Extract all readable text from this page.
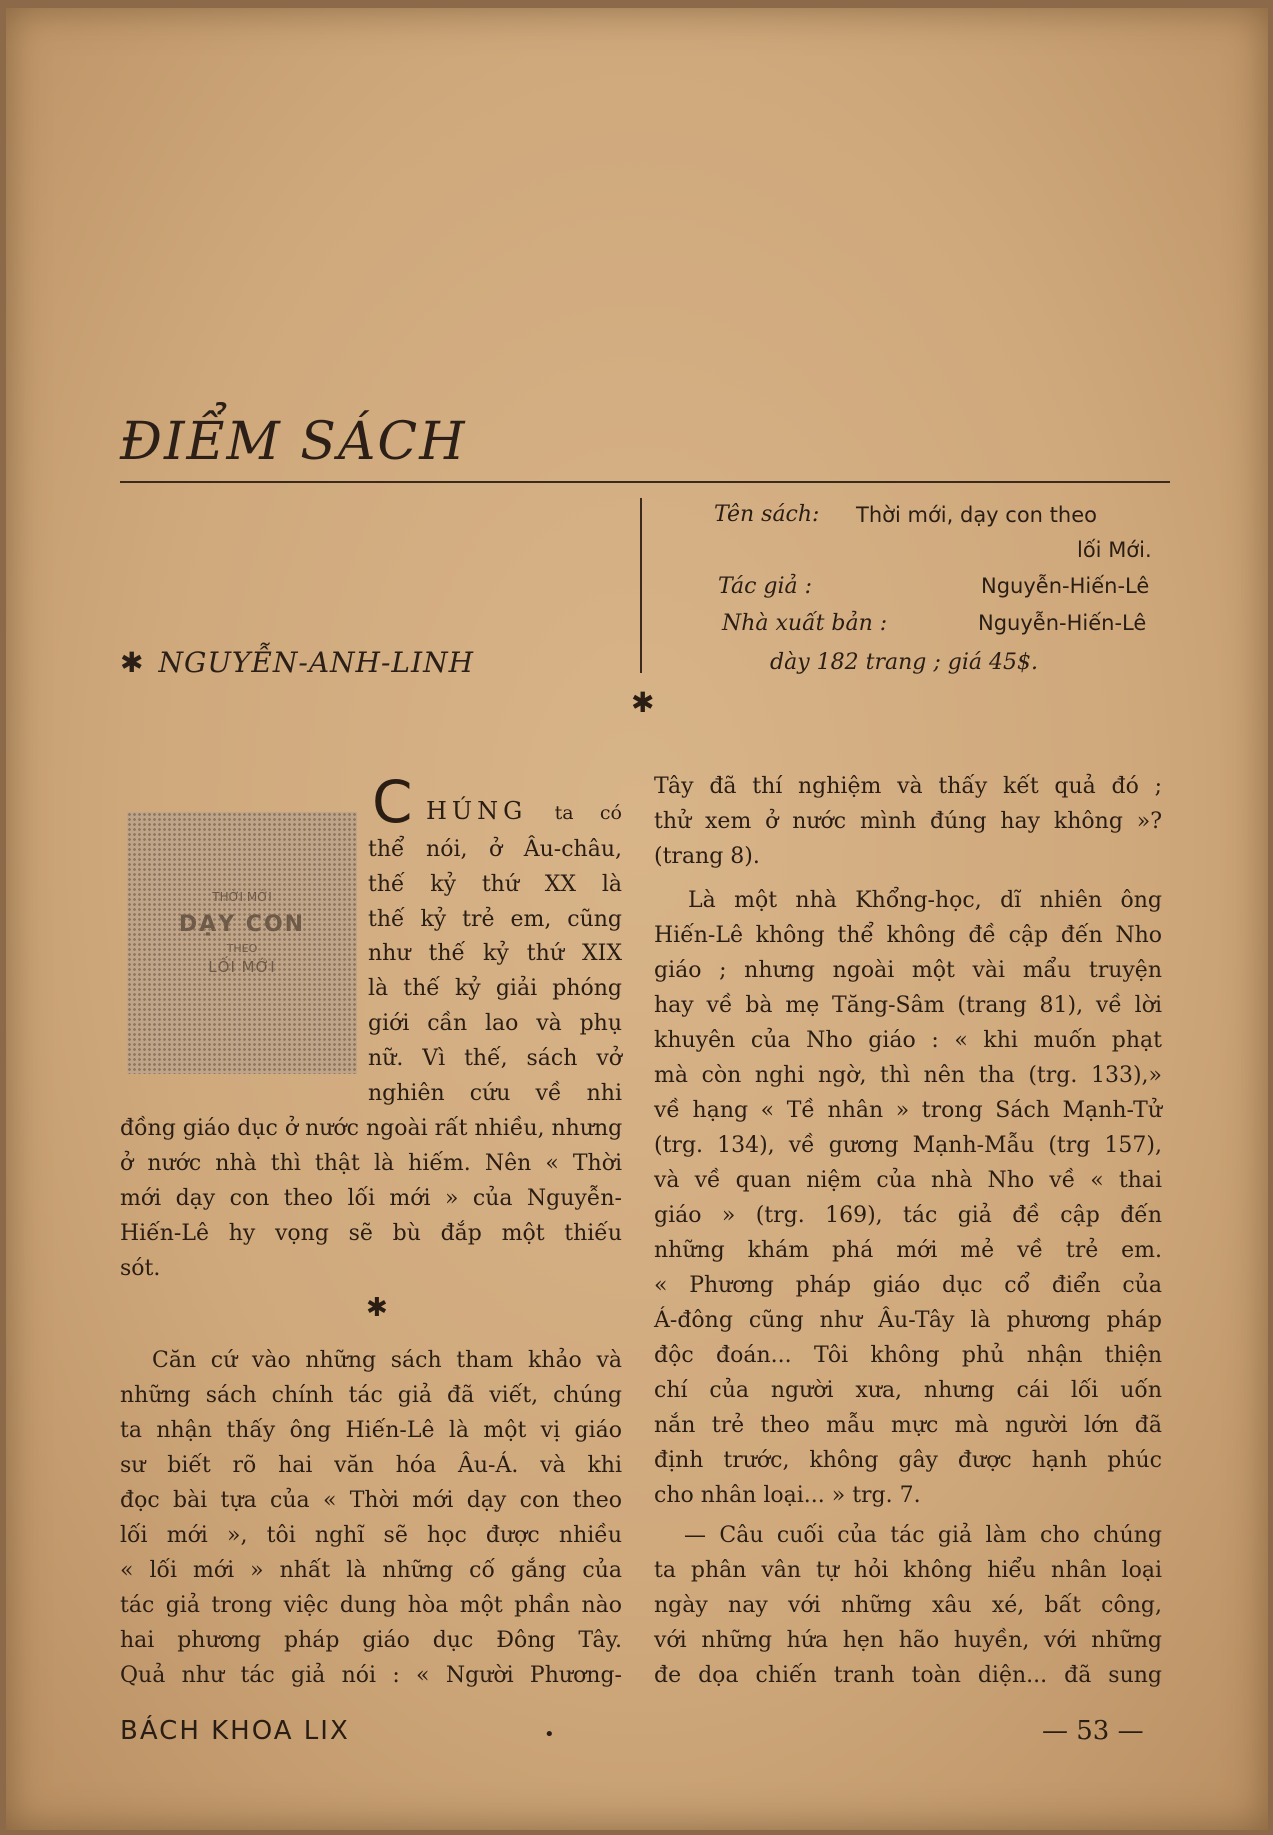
ĐIỂM SÁCH
✱ NGUYỄN-ANH-LINH
Tên sách: Thời mới, dạy con theo
lối Mới.
Tác giả :	Nguyễn-Hiến-Lê
Nhà xuất bản :	Nguyễn-Hiến-Lê
dày 182 trang ; giá 45$.
✱
THỜI MỚI
DẠY CON
THEO
LỐI MỚI
C HÚNG ta có
thể nói, ở Âu-châu,
thế kỷ thứ XX là
thế kỷ trẻ em, cũng
như thế kỷ thứ XIX
là thế kỷ giải phóng
giới cần lao và phụ
nữ. Vì thế, sách vở
nghiên cứu về nhi
đồng giáo dục ở nước ngoài rất nhiều, nhưng
ở nước nhà thì thật là hiếm. Nên « Thời
mới dạy con theo lối mới » của Nguyễn-
Hiến-Lê hy vọng sẽ bù đắp một thiếu
sót.
✱
Căn cứ vào những sách tham khảo và
những sách chính tác giả đã viết, chúng
ta nhận thấy ông Hiến-Lê là một vị giáo
sư biết rõ hai văn hóa Âu-Á. và khi
đọc bài tựa của « Thời mới dạy con theo
lối mới », tôi nghĩ sẽ học được nhiều
« lối mới » nhất là những cố gắng của
tác giả trong việc dung hòa một phần nào
hai phương pháp giáo dục Đông Tây.
Quả như tác giả nói : « Người Phương-
Tây đã thí nghiệm và thấy kết quả đó ;
thử xem ở nước mình đúng hay không »?
(trang 8).
Là một nhà Khổng-học, dĩ nhiên ông
Hiến-Lê không thể không đề cập đến Nho
giáo ; nhưng ngoài một vài mẩu truyện
hay về bà mẹ Tăng-Sâm (trang 81), về lời
khuyên của Nho giáo : « khi muốn phạt
mà còn nghi ngờ, thì nên tha (trg. 133),»
về hạng « Tề nhân » trong Sách Mạnh-Tử
(trg. 134), về gương Mạnh-Mẫu (trg 157),
và về quan niệm của nhà Nho về « thai
giáo » (trg. 169), tác giả đề cập đến
những khám phá mới mẻ về trẻ em.
« Phương pháp giáo dục cổ điển của
Á-đông cũng như Âu-Tây là phương pháp
độc đoán... Tôi không phủ nhận thiện
chí của người xưa, nhưng cái lối uốn
nắn trẻ theo mẫu mực mà người lớn đã
định trước, không gây được hạnh phúc
cho nhân loại... » trg. 7.
— Câu cuối của tác giả làm cho chúng
ta phân vân tự hỏi không hiểu nhân loại
ngày nay với những xâu xé, bất công,
với những hứa hẹn hão huyền, với những
đe dọa chiến tranh toàn diện... đã sung
BÁCH KHOA LIX	•	— 53 —
